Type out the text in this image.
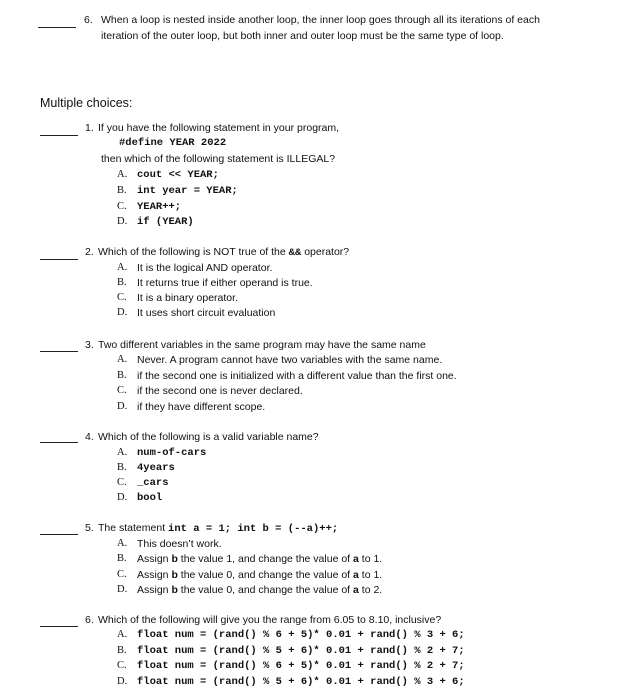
6. When a loop is nested inside another loop, the inner loop goes through all its iterations of each
iteration of the outer loop, but both inner and outer loop must be the same type of loop.
Multiple choices:
1. If you have the following statement in your program,
#define YEAR 2022
then which of the following statement is ILLEGAL?
A. cout << YEAR;
B. int year = YEAR;
C. YEAR++;
D. if (YEAR)
2. Which of the following is NOT true of the && operator?
A. It is the logical AND operator.
B. It returns true if either operand is true.
C. It is a binary operator.
D. It uses short circuit evaluation
3. Two different variables in the same program may have the same name
A. Never. A program cannot have two variables with the same name.
B. if the second one is initialized with a different value than the first one.
C. if the second one is never declared.
D. if they have different scope.
4. Which of the following is a valid variable name?
A. num-of-cars
B. 4years
C. _cars
D. bool
5. The statement int a = 1; int b = (--a)++;
A. This doesn’t work.
B. Assign b the value 1, and change the value of a to 1.
C. Assign b the value 0, and change the value of a to 1.
D. Assign b the value 0, and change the value of a to 2.
6. Which of the following will give you the range from 6.05 to 8.10, inclusive?
A. float num = (rand() % 6 + 5)* 0.01 + rand() % 3 + 6;
B. float num = (rand() % 5 + 6)* 0.01 + rand() % 2 + 7;
C. float num = (rand() % 6 + 5)* 0.01 + rand() % 2 + 7;
D. float num = (rand() % 5 + 6)* 0.01 + rand() % 3 + 6;
